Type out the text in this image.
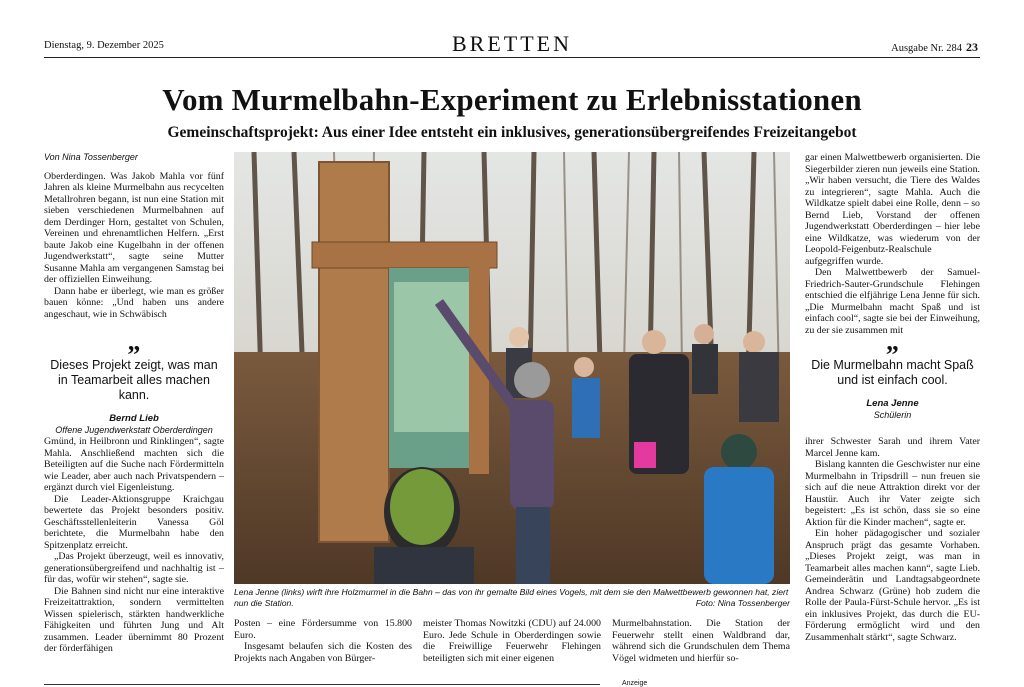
Dienstag, 9. Dezember 2025	BRETTEN	Ausgabe Nr. 284 23
Vom Murmelbahn-Experiment zu Erlebnisstationen
Gemeinschaftsprojekt: Aus einer Idee entsteht ein inklusives, generationsübergreifendes Freizeitangebot
Von Nina Tossenberger

Oberderdingen. Was Jakob Mahla vor fünf Jahren als kleine Murmelbahn aus recycelten Metallrohren begann, ist nun eine Station mit sieben verschiedenen Murmelbahnen auf dem Derdinger Horn, gestaltet von Schulen, Vereinen und ehrenamtlichen Helfern. „Erst baute Jakob eine Kugelbahn in der offenen Jugendwerkstatt“, sagte seine Mutter Susanne Mahla am vergangenen Samstag bei der offiziellen Einweihung.

Dann habe er überlegt, wie man es größer bauen könne: „Und haben uns andere angeschaut, wie in Schwäbisch

„
Dieses Projekt zeigt, was man in Teamarbeit alles machen kann.
Bernd Lieb
Offene Jugendwerkstatt Oberderdingen

Gmünd, in Heilbronn und Rinklingen“, sagte Mahla. Anschließend machten sich die Beteiligten auf die Suche nach Fördermitteln wie Leader, aber auch nach Privatspendern – ergänzt durch viel Eigenleistung.

Die Leader-Aktionsgruppe Kraichgau bewertete das Projekt besonders positiv. Geschäftsstellenleiterin Vanessa Göl berichtete, die Murmelbahn habe den Spitzenplatz erreicht.

„Das Projekt überzeugt, weil es innovativ, generationsübergreifend und nachhaltig ist – für das, wofür wir stehen“, sagte sie.

Die Bahnen sind nicht nur eine interaktive Freizeitattraktion, sondern vermittelten Wissen spielerisch, stärkten handwerkliche Fähigkeiten und führten Jung und Alt zusammen. Leader übernimmt 80 Prozent der förderfähigen

Lena Jenne (links) wirft ihre Holzmurmel in die Bahn – das von ihr gemalte Bild eines Vogels, mit dem sie den Malwettbewerb gewonnen hat, ziert nun die Station.	Foto: Nina Tossenberger

Posten – eine Fördersumme von 15.800 Euro.

Insgesamt belaufen sich die Kosten des Projekts nach Angaben von Bürger-

meister Thomas Nowitzki (CDU) auf 24.000 Euro. Jede Schule in Oberderdingen sowie die Freiwillige Feuerwehr Flehingen beteiligten sich mit einer eigenen

Murmelbahnstation. Die Station der Feuerwehr stellt einen Waldbrand dar, während sich die Grundschulen dem Thema Vögel widmeten und hierfür so-

gar einen Malwettbewerb organisierten. Die Siegerbilder zieren nun jeweils eine Station. „Wir haben versucht, die Tiere des Waldes zu integrieren“, sagte Mahla. Auch die Wildkatze spielt dabei eine Rolle, denn – so Bernd Lieb, Vorstand der offenen Jugendwerkstatt Oberderdingen – hier lebe eine Wildkatze, was wiederum von der Leopold-Feigenbutz-Realschule aufgegriffen wurde.

Den Malwettbewerb der Samuel-Friedrich-Sauter-Grundschule Flehingen entschied die elfjährige Lena Jenne für sich. „Die Murmelbahn macht Spaß und ist einfach cool“, sagte sie bei der Einweihung, zu der sie zusammen mit

„
Die Murmelbahn macht Spaß und ist einfach cool.
Lena Jenne
Schülerin

ihrer Schwester Sarah und ihrem Vater Marcel Jenne kam.

Bislang kannten die Geschwister nur eine Murmelbahn in Tripsdrill – nun freuen sie sich auf die neue Attraktion direkt vor der Haustür. Auch ihr Vater zeigte sich begeistert: „Es ist schön, dass sie so eine Aktion für die Kinder machen“, sagte er.

Ein hoher pädagogischer und sozialer Anspruch prägt das gesamte Vorhaben. „Dieses Projekt zeigt, was man in Teamarbeit alles machen kann“, sagte Lieb. Gemeinderätin und Landtagsabgeordnete Andrea Schwarz (Grüne) hob zudem die Rolle der Paula-Fürst-Schule hervor. „Es ist ein inklusives Projekt, das durch die EU-Förderung ermöglicht wird und den Zusammenhalt stärkt“, sagte Schwarz.

Anzeige
